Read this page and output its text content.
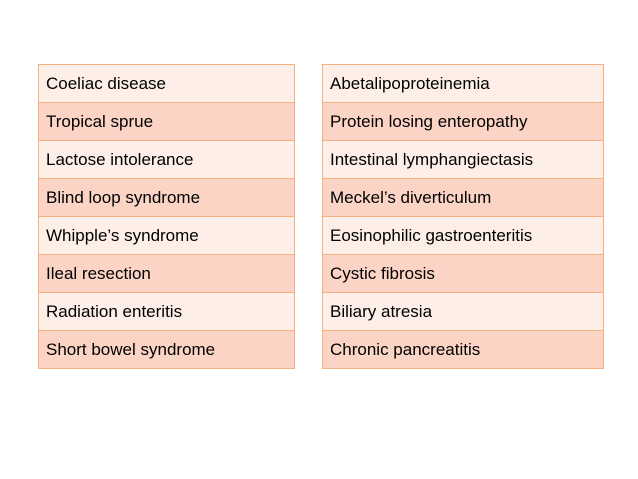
Coeliac disease
Tropical sprue
Lactose intolerance
Blind loop syndrome
Whipple’s syndrome
Ileal resection
Radiation enteritis
Short bowel syndrome
Abetalipoproteinemia
Protein losing enteropathy
Intestinal lymphangiectasis
Meckel’s diverticulum
Eosinophilic gastroenteritis
Cystic fibrosis
Biliary atresia
Chronic pancreatitis
